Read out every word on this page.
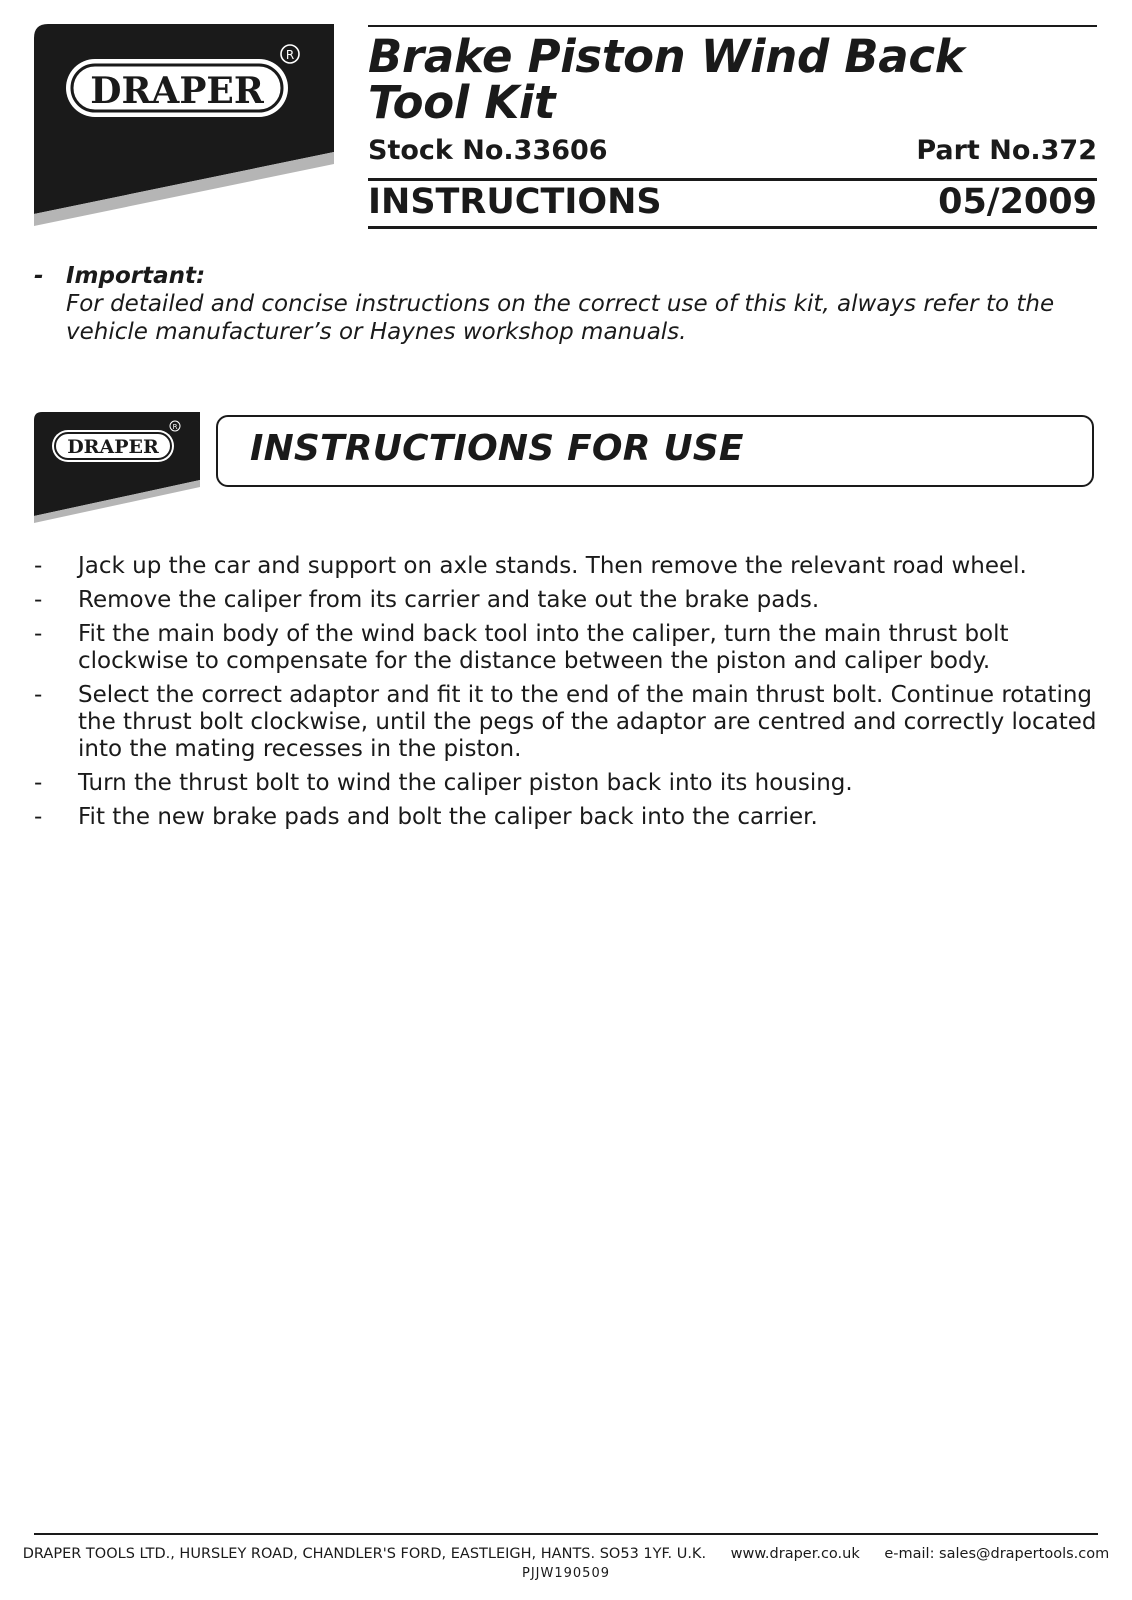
DRAPER
R Brake Piston Wind Back
Tool Kit
Stock No.33606	Part No.372
INSTRUCTIONS	05/2009
- Important:
For detailed and concise instructions on the correct use of this kit, always refer to the vehicle manufacturer’s or Haynes workshop manuals.
DRAPER
R
INSTRUCTIONS FOR USE
- Jack up the car and support on axle stands. Then remove the relevant road wheel.
- Remove the caliper from its carrier and take out the brake pads.
- Fit the main body of the wind back tool into the caliper, turn the main thrust bolt clockwise to compensate for the distance between the piston and caliper body.
- Select the correct adaptor and fit it to the end of the main thrust bolt. Continue rotating the thrust bolt clockwise, until the pegs of the adaptor are centred and correctly located into the mating recesses in the piston.
- Turn the thrust bolt to wind the caliper piston back into its housing.
- Fit the new brake pads and bolt the caliper back into the carrier.
DRAPER TOOLS LTD., HURSLEY ROAD, CHANDLER'S FORD, EASTLEIGH, HANTS. SO53 1YF. U.K. www.draper.co.uk e-mail: sales@drapertools.com
PJJW190509
